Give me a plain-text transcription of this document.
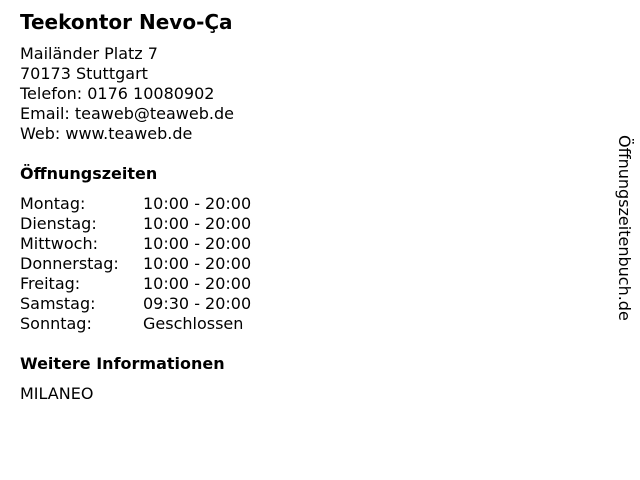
Teekontor Nevo-Ça
Mailänder Platz 7
70173 Stuttgart
Telefon: 0176 10080902
Email: teaweb@teaweb.de
Web: www.teaweb.de
Öffnungszeiten
Montag:	10:00 - 20:00
Dienstag:	10:00 - 20:00
Mittwoch:	10:00 - 20:00
Donnerstag:	10:00 - 20:00
Freitag:	10:00 - 20:00
Samstag:	09:30 - 20:00
Sonntag:	Geschlossen
Weitere Informationen
MILANEO
Öffnungszeitenbuch.de
